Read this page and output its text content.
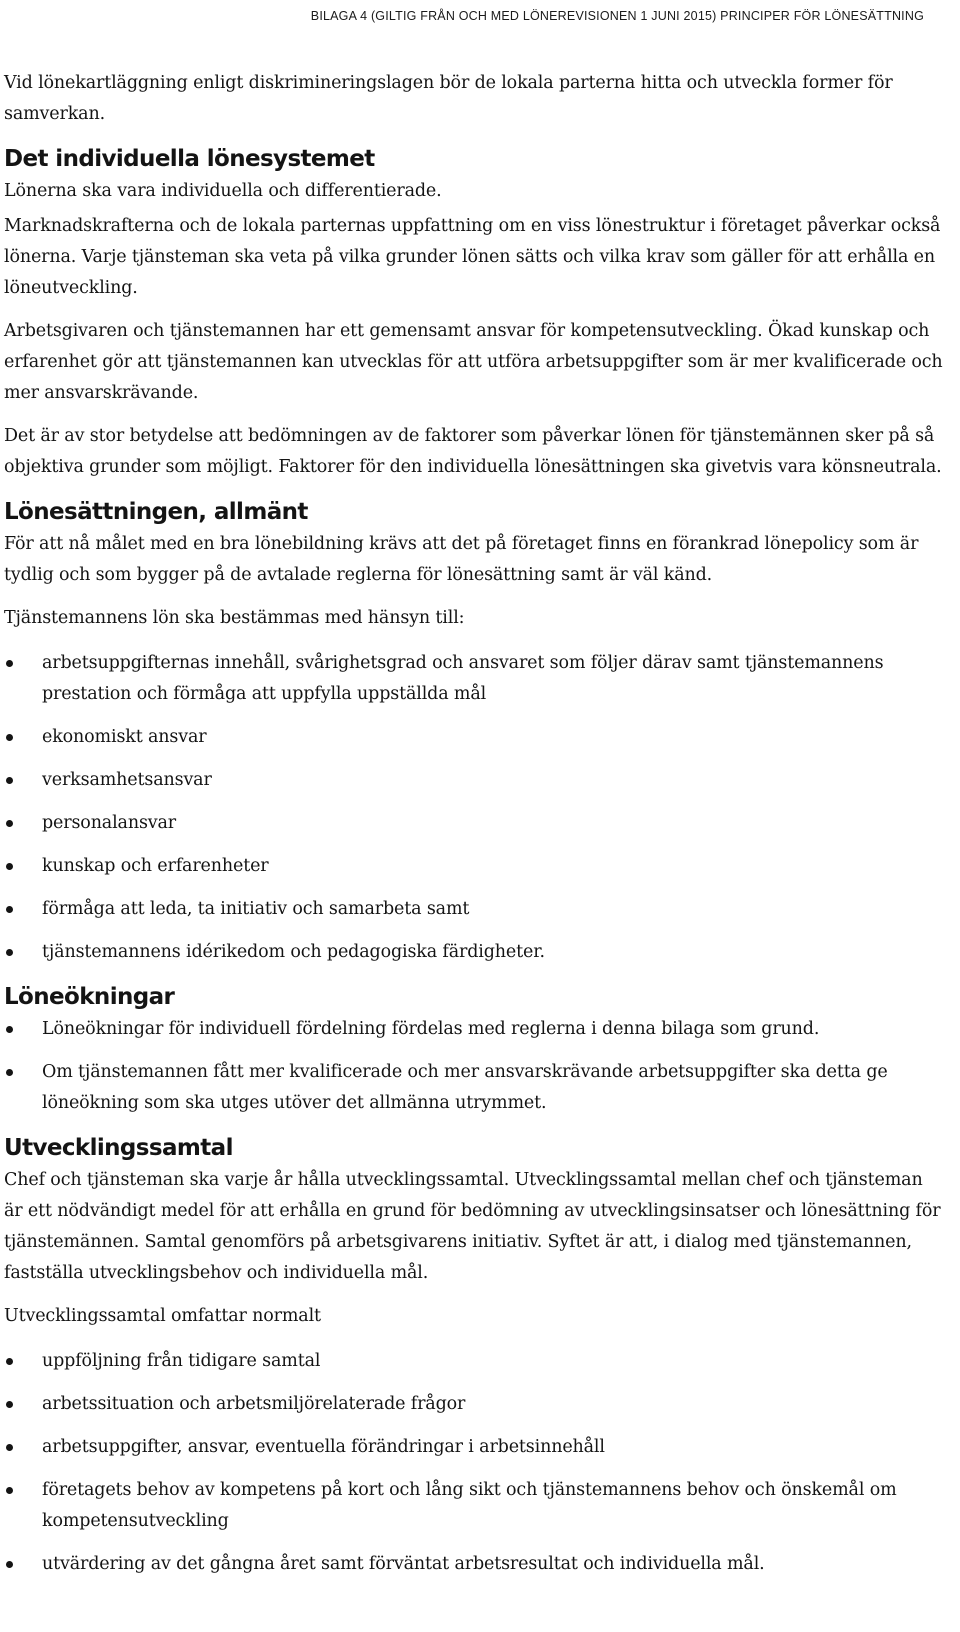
BILAGA 4 (GILTIG FRÅN OCH MED LÖNEREVISIONEN 1 JUNI 2015) PRINCIPER FÖR LÖNESÄTTNING

Vid lönekartläggning enligt diskrimineringslagen bör de lokala parterna hitta och utveckla former för samverkan.

Det individuella lönesystemet

Lönerna ska vara individuella och differentierade.

Marknadskrafterna och de lokala parternas uppfattning om en viss lönestruktur i företaget påverkar också lönerna. Varje tjänsteman ska veta på vilka grunder lönen sätts och vilka krav som gäller för att erhålla en löneutveckling.

Arbetsgivaren och tjänstemannen har ett gemensamt ansvar för kompetensutveckling. Ökad kunskap och erfarenhet gör att tjänstemannen kan utvecklas för att utföra arbetsuppgifter som är mer kvalificerade och mer ansvarskrävande.

Det är av stor betydelse att bedömningen av de faktorer som påverkar lönen för tjänstemännen sker på så objektiva grunder som möjligt. Faktorer för den individuella lönesättningen ska givetvis vara könsneutrala.

Lönesättningen, allmänt

För att nå målet med en bra lönebildning krävs att det på företaget finns en förankrad lönepolicy som är tydlig och som bygger på de avtalade reglerna för lönesättning samt är väl känd.

Tjänstemannens lön ska bestämmas med hänsyn till:

arbetsuppgifternas innehåll, svårighetsgrad och ansvaret som följer därav samt tjänstemannens prestation och förmåga att uppfylla uppställda mål
ekonomiskt ansvar
verksamhetsansvar
personalansvar
kunskap och erfarenheter
förmåga att leda, ta initiativ och samarbeta samt
tjänstemannens idérikedom och pedagogiska färdigheter.
Löneökningar
Löneökningar för individuell fördelning fördelas med reglerna i denna bilaga som grund.
Om tjänstemannen fått mer kvalificerade och mer ansvarskrävande arbetsuppgifter ska detta ge löneökning som ska utges utöver det allmänna utrymmet.
Utvecklingssamtal

Chef och tjänsteman ska varje år hålla utvecklingssamtal. Utvecklingssamtal mellan chef och tjänsteman är ett nödvändigt medel för att erhålla en grund för bedömning av utvecklingsinsatser och lönesättning för tjänstemännen. Samtal genomförs på arbetsgivarens initiativ. Syftet är att, i dialog med tjänstemannen, fastställa utvecklingsbehov och individuella mål.

Utvecklingssamtal omfattar normalt

uppföljning från tidigare samtal
arbetssituation och arbetsmiljörelaterade frågor
arbetsuppgifter, ansvar, eventuella förändringar i arbetsinnehåll
företagets behov av kompetens på kort och lång sikt och tjänstemannens behov och önskemål om kompetensutveckling
utvärdering av det gångna året samt förväntat arbetsresultat och individuella mål.
